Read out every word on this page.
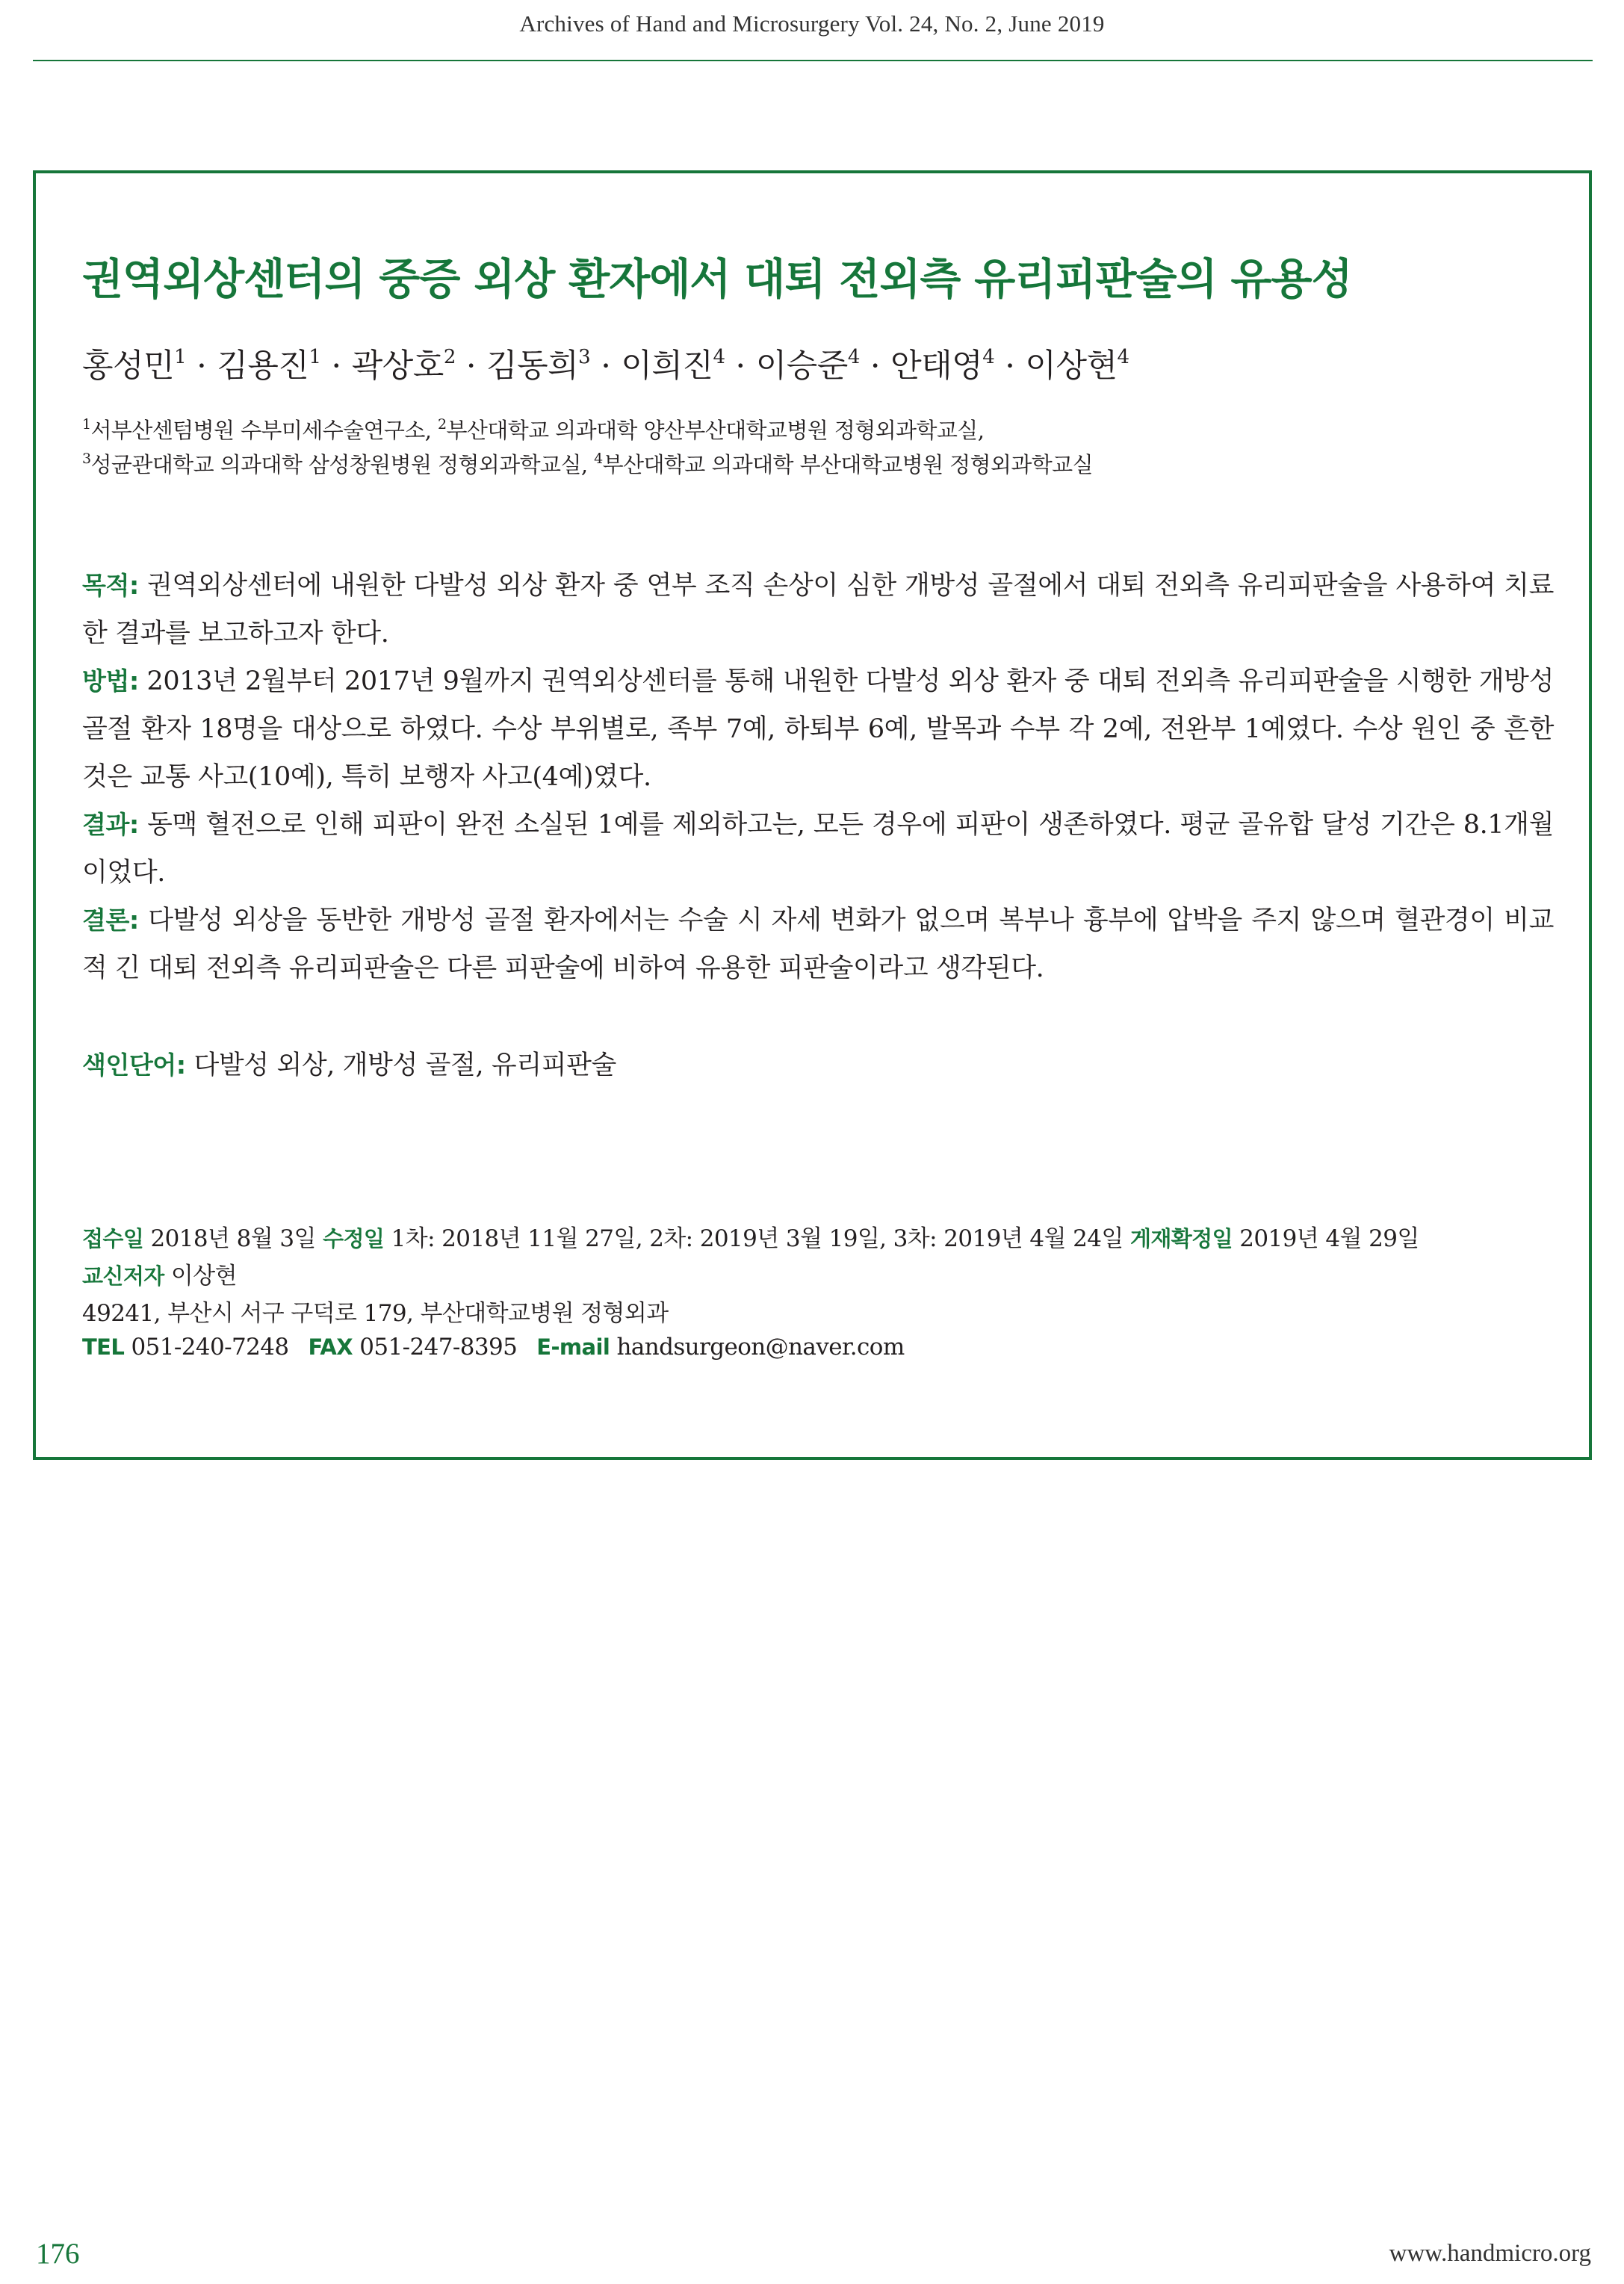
Archives of Hand and Microsurgery Vol. 24, No. 2, June 2019
권역외상센터의 중증 외상 환자에서 대퇴 전외측 유리피판술의 유용성
홍성민$^1$ · 김용진$^1$ · 곽상호$^2$ · 김동희$^3$ · 이희진$^4$ · 이승준$^4$ · 안태영$^4$ · 이상현$^4$
$^1$서부산센텀병원 수부미세수술연구소, $^2$부산대학교 의과대학 양산부산대학교병원 정형외과학교실,
$^3$성균관대학교 의과대학 삼성창원병원 정형외과학교실, $^4$부산대학교 의과대학 부산대학교병원 정형외과학교실

목적: 권역외상센터에 내원한 다발성 외상 환자 중 연부 조직 손상이 심한 개방성 골절에서 대퇴 전외측 유리피판술을 사용하여 치료한 결과를 보고하고자 한다.

방법: 2013년 2월부터 2017년 9월까지 권역외상센터를 통해 내원한 다발성 외상 환자 중 대퇴 전외측 유리피판술을 시행한 개방성 골절 환자 18명을 대상으로 하였다. 수상 부위별로, 족부 7예, 하퇴부 6예, 발목과 수부 각 2예, 전완부 1예였다. 수상 원인 중 흔한 것은 교통 사고(10예), 특히 보행자 사고(4예)였다.

결과: 동맥 혈전으로 인해 피판이 완전 소실된 1예를 제외하고는, 모든 경우에 피판이 생존하였다. 평균 골유합 달성 기간은 8.1개월이었다.

결론: 다발성 외상을 동반한 개방성 골절 환자에서는 수술 시 자세 변화가 없으며 복부나 흉부에 압박을 주지 않으며 혈관경이 비교적 긴 대퇴 전외측 유리피판술은 다른 피판술에 비하여 유용한 피판술이라고 생각된다.

색인단어: 다발성 외상, 개방성 골절, 유리피판술
접수일 2018년 8월 3일 수정일 1차: 2018년 11월 27일, 2차: 2019년 3월 19일, 3차: 2019년 4월 24일 게재확정일 2019년 4월 29일
교신저자 이상현
49241, 부산시 서구 구덕로 179, 부산대학교병원 정형외과
TEL 051-240-7248 FAX 051-247-8395 E-mail handsurgeon@naver.com
176	www.handmicro.org
